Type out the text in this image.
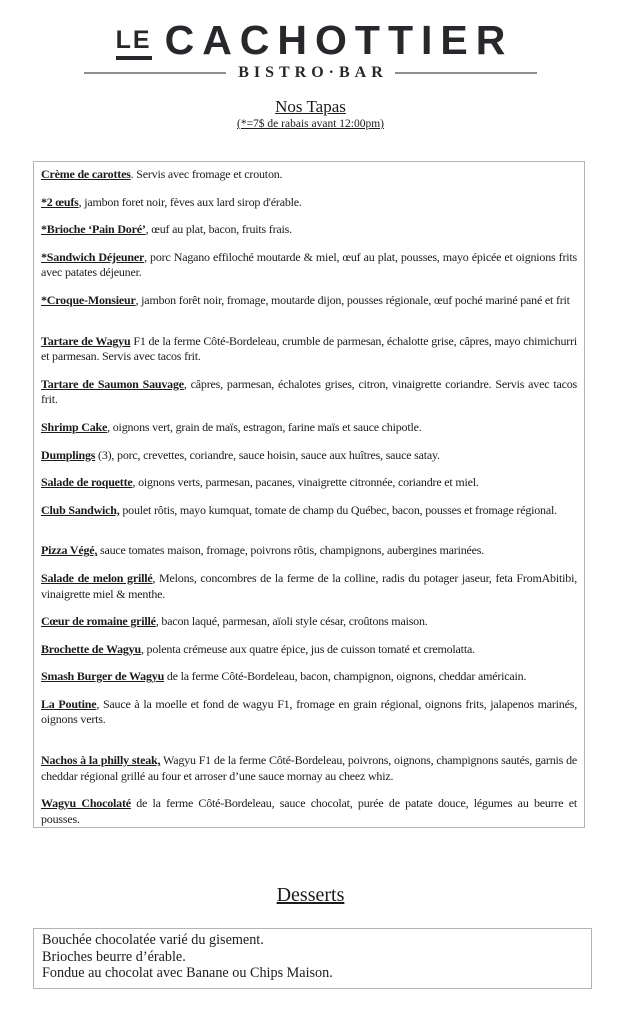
LE CACHOTTIER
BISTRO·BAR
Nos Tapas
(*=7$ de rabais avant 12:00pm)

Crème de carottes. Servis avec fromage et crouton.

*2 œufs, jambon foret noir, fèves aux lard sirop d'érable.

*Brioche ‘Pain Doré’, œuf au plat, bacon, fruits frais.

*Sandwich Déjeuner, porc Nagano effiloché moutarde & miel, œuf au plat, pousses, mayo épicée et oignions frits avec patates déjeuner.

*Croque-Monsieur, jambon forêt noir, fromage, moutarde dijon, pousses régionale, œuf poché mariné pané et frit

Tartare de Wagyu F1 de la ferme Côté-Bordeleau, crumble de parmesan, échalotte grise, câpres, mayo chimichurri et parmesan. Servis avec tacos frit.

Tartare de Saumon Sauvage, câpres, parmesan, échalotes grises, citron, vinaigrette coriandre. Servis avec tacos frit.

Shrimp Cake, oignons vert, grain de maïs, estragon, farine maïs et sauce chipotle.

Dumplings (3), porc, crevettes, coriandre, sauce hoisin, sauce aux huîtres, sauce satay.

Salade de roquette, oignons verts, parmesan, pacanes, vinaigrette citronnée, coriandre et miel.

Club Sandwich, poulet rôtis, mayo kumquat, tomate de champ du Québec, bacon, pousses et fromage régional.

Pizza Végé, sauce tomates maison, fromage, poivrons rôtis, champignons, aubergines marinées.

Salade de melon grillé, Melons, concombres de la ferme de la colline, radis du potager jaseur, feta FromAbitibi, vinaigrette miel & menthe.

Cœur de romaine grillé, bacon laqué, parmesan, aïoli style césar, croûtons maison.

Brochette de Wagyu, polenta crémeuse aux quatre épice, jus de cuisson tomaté et cremolatta.

Smash Burger de Wagyu de la ferme Côté-Bordeleau, bacon, champignon, oignons, cheddar américain.

La Poutine, Sauce à la moelle et fond de wagyu F1, fromage en grain régional, oignons frits, jalapenos marinés, oignons verts.

Nachos à la philly steak, Wagyu F1 de la ferme Côté-Bordeleau, poivrons, oignons, champignons sautés, garnis de cheddar régional grillé au four et arroser d’une sauce mornay au cheez whiz.

Wagyu Chocolaté de la ferme Côté-Bordeleau, sauce chocolat, purée de patate douce, légumes au beurre et pousses.

Desserts
Bouchée chocolatée varié du gisement.
Brioches beurre d’érable.
Fondue au chocolat avec Banane ou Chips Maison.
